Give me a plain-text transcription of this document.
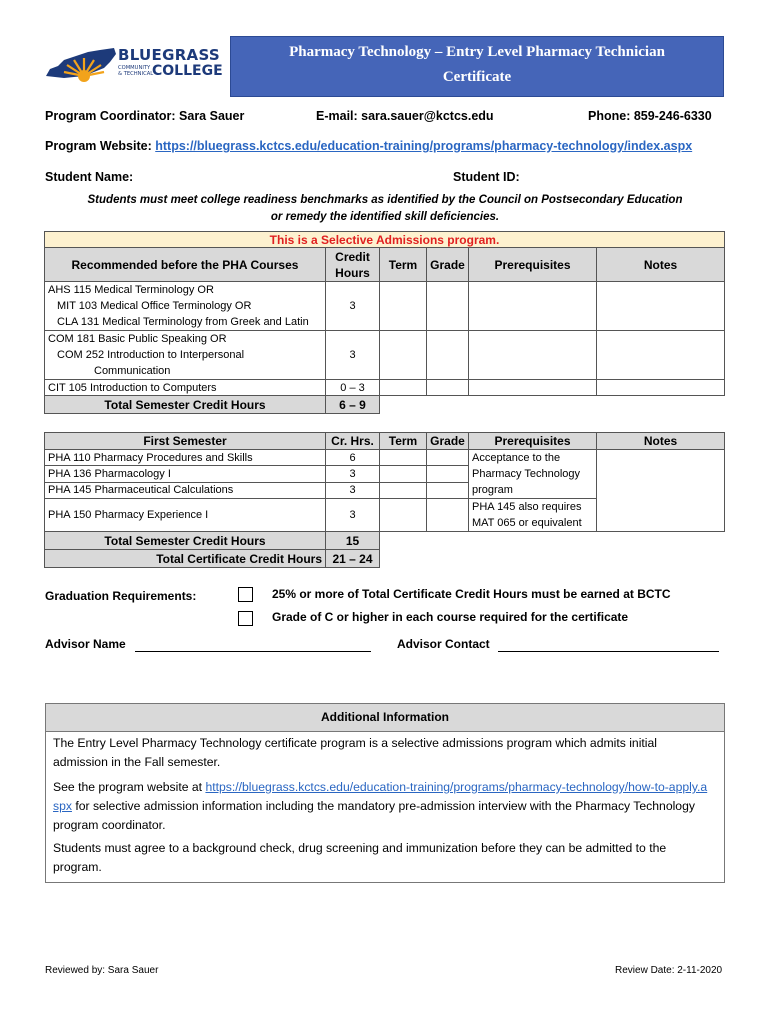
BLUEGRASS
COMMUNITY
& TECHNICAL
COLLEGE
Pharmacy Technology – Entry Level Pharmacy Technician
Certificate
Program Coordinator: Sara Sauer	E-mail: sara.sauer@kctcs.edu	Phone: 859-246-6330
Program Website: https://bluegrass.kctcs.edu/education-training/programs/pharmacy-technology/index.aspx
Student Name:	Student ID:
Students must meet college readiness benchmarks as identified by the Council on Postsecondary Education
or remedy the identified skill deficiencies.
This is a Selective Admissions program.					
Recommended before the PHA Courses	Credit
Hours	Term	Grade	Prerequisites	Notes

AHS 115 Medical Terminology OR
MIT 103 Medical Office Terminology OR
CLA 131 Medical Terminology from Greek and Latin	3				

COM 181 Basic Public Speaking OR
COM 252 Introduction to Interpersonal
Communication	3				
CIT 105 Introduction to Computers	0 – 3				
Total Semester Credit Hours	6 – 9				
First Semester	Cr. Hrs.	Term	Grade	Prerequisites	Notes
PHA 110 Pharmacy Procedures and Skills	6			Acceptance to the
Pharmacy Technology
program	

PHA 136 Pharmacology I	3				
PHA 145 Pharmaceutical Calculations	3				
PHA 150 Pharmacy Experience I	3			PHA 145 also requires
MAT 065 or equivalent	

Total Semester Credit Hours	15				
Total Certificate Credit Hours	21 – 24				
Graduation Requirements:	25% or more of Total Certificate Credit Hours must be earned at BCTC
Grade of C or higher in each course required for the certificate
Advisor Name	Advisor Contact
Additional Information
The Entry Level Pharmacy Technology certificate program is a selective admissions program which admits initial admission in the Fall semester.
See the program website at https://bluegrass.kctcs.edu/education-training/programs/pharmacy-technology/how-to-apply.aspx for selective admission information including the mandatory pre-admission interview with the Pharmacy Technology program coordinator.
Students must agree to a background check, drug screening and immunization before they can be admitted to the program.
Reviewed by: Sara Sauer	Review Date: 2-11-2020
